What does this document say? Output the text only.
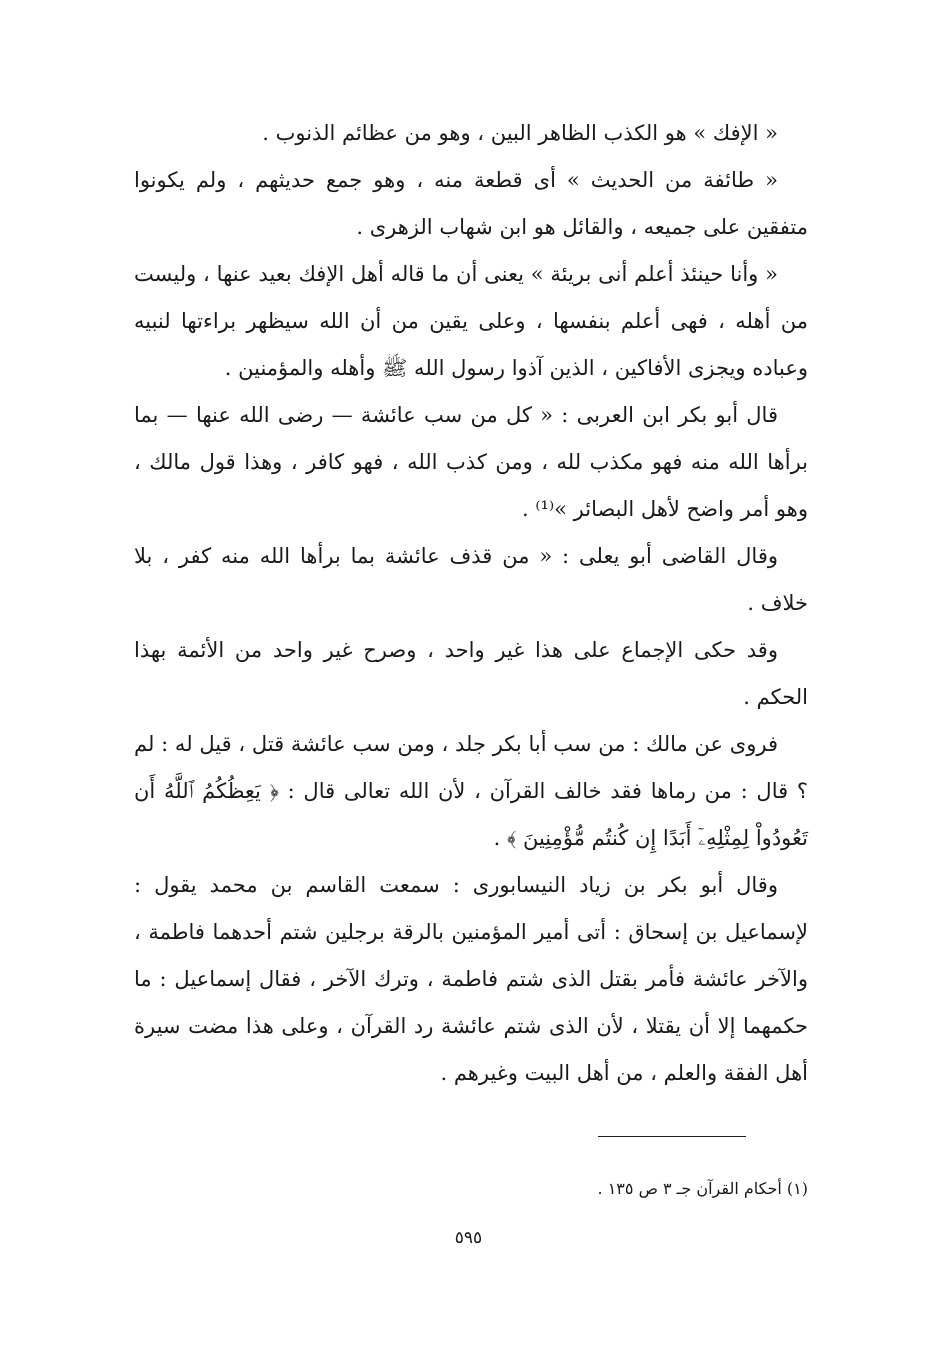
« الإفك » هو الكذب الظاهر البين ، وهو من عظائم الذنوب .

« طائفة من الحديث » أى قطعة منه ، وهو جمع حديثهم ، ولم يكونوا متفقين على جميعه ، والقائل هو ابن شهاب الزهرى .

« وأنا حينئذ أعلم أنى بريئة » يعنى أن ما قاله أهل الإفك بعيد عنها ، وليست من أهله ، فهى أعلم بنفسها ، وعلى يقين من أن الله سيظهر براءتها لنبيه وعباده ويجزى الأفاكين ، الذين آذوا رسول الله ﷺ وأهله والمؤمنين .

قال أبو بكر ابن العربى : « كل من سب عائشة — رضى الله عنها — بما برأها الله منه فهو مكذب لله ، ومن كذب الله ، فهو كافر ، وهذا قول مالك ، وهو أمر واضح لأهل البصائر »⁽¹⁾ .

وقال القاضى أبو يعلى : « من قذف عائشة بما برأها الله منه كفر ، بلا خلاف .

وقد حكى الإجماع على هذا غير واحد ، وصرح غير واحد من الأئمة بهذا الحكم .

فروى عن مالك : من سب أبا بكر جلد ، ومن سب عائشة قتل ، قيل له : لم ؟ قال : من رماها فقد خالف القرآن ، لأن الله تعالى قال : ﴿ يَعِظُكُمُ ٱللَّهُ أَن تَعُودُواْ لِمِثْلِهِۦٓ أَبَدًا إِن كُنتُم مُّؤْمِنِينَ ﴾ .

وقال أبو بكر بن زياد النيسابورى : سمعت القاسم بن محمد يقول : لإسماعيل بن إسحاق : أتى أمير المؤمنين بالرقة برجلين شتم أحدهما فاطمة ، والآخر عائشة فأمر بقتل الذى شتم فاطمة ، وترك الآخر ، فقال إسماعيل : ما حكمهما إلا أن يقتلا ، لأن الذى شتم عائشة رد القرآن ، وعلى هذا مضت سيرة أهل الفقة والعلم ، من أهل البيت وغيرهم .

(١) أحكام القرآن جـ ٣ ص ١٣٥ .
٥٩٥
